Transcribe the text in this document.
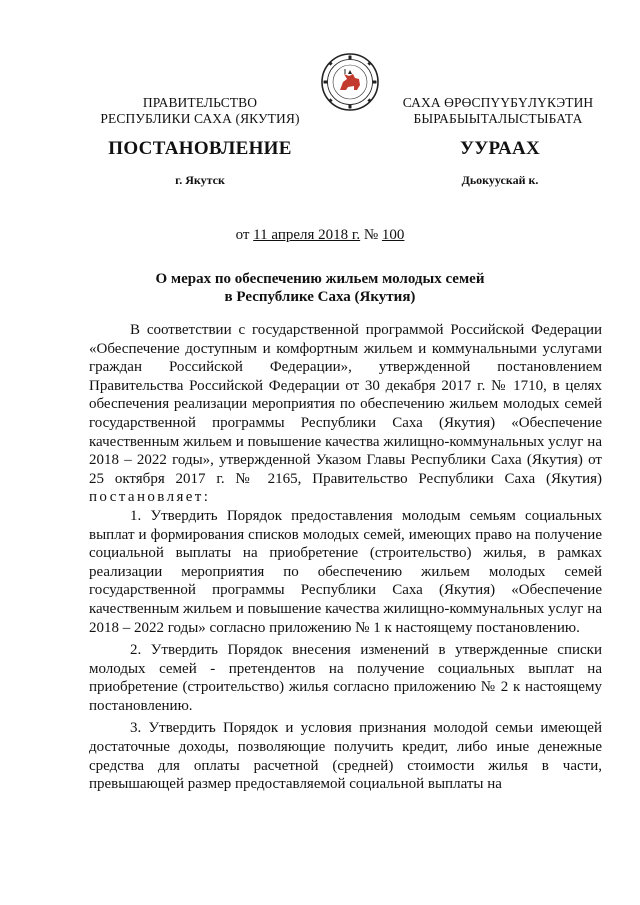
ПРАВИТЕЛЬСТВО
РЕСПУБЛИКИ САХА (ЯКУТИЯ)
САХА ӨРӨСПҮҮБҮЛҮКЭТИН
БЫРАБЫЫТАЛЫСТЫБАТА
ПОСТАНОВЛЕНИЕ	УУРААХ
г. Якутск	Дьокуускай к.
от 11 апреля 2018 г. № 100
О мерах по обеспечению жильем молодых семей
в Республике Саха (Якутия)

В соответствии с государственной программой Российской Федерации «Обеспечение доступным и комфортным жильем и коммунальными услугами граждан Российской Федерации», утвержденной постановлением Правительства Российской Федерации от 30 декабря 2017 г. № 1710, в целях обеспечения реализации мероприятия по обеспечению жильем молодых семей государственной программы Республики Саха (Якутия) «Обеспечение качественным жильем и повышение качества жилищно-коммунальных услуг на 2018 – 2022 годы», утвержденной Указом Главы Республики Саха (Якутия) от 25 октября 2017 г. № 2165, Правительство Республики Саха (Якутия) постановляет:

1. Утвердить Порядок предоставления молодым семьям социальных выплат и формирования списков молодых семей, имеющих право на получение социальной выплаты на приобретение (строительство) жилья, в рамках реализации мероприятия по обеспечению жильем молодых семей государственной программы Республики Саха (Якутия) «Обеспечение качественным жильем и повышение качества жилищно-коммунальных услуг на 2018 – 2022 годы» согласно приложению № 1 к настоящему постановлению.

2. Утвердить Порядок внесения изменений в утвержденные списки молодых семей - претендентов на получение социальных выплат на приобретение (строительство) жилья согласно приложению № 2 к настоящему постановлению.

3. Утвердить Порядок и условия признания молодой семьи имеющей достаточные доходы, позволяющие получить кредит, либо иные денежные средства для оплаты расчетной (средней) стоимости жилья в части, превышающей размер предоставляемой социальной выплаты на
